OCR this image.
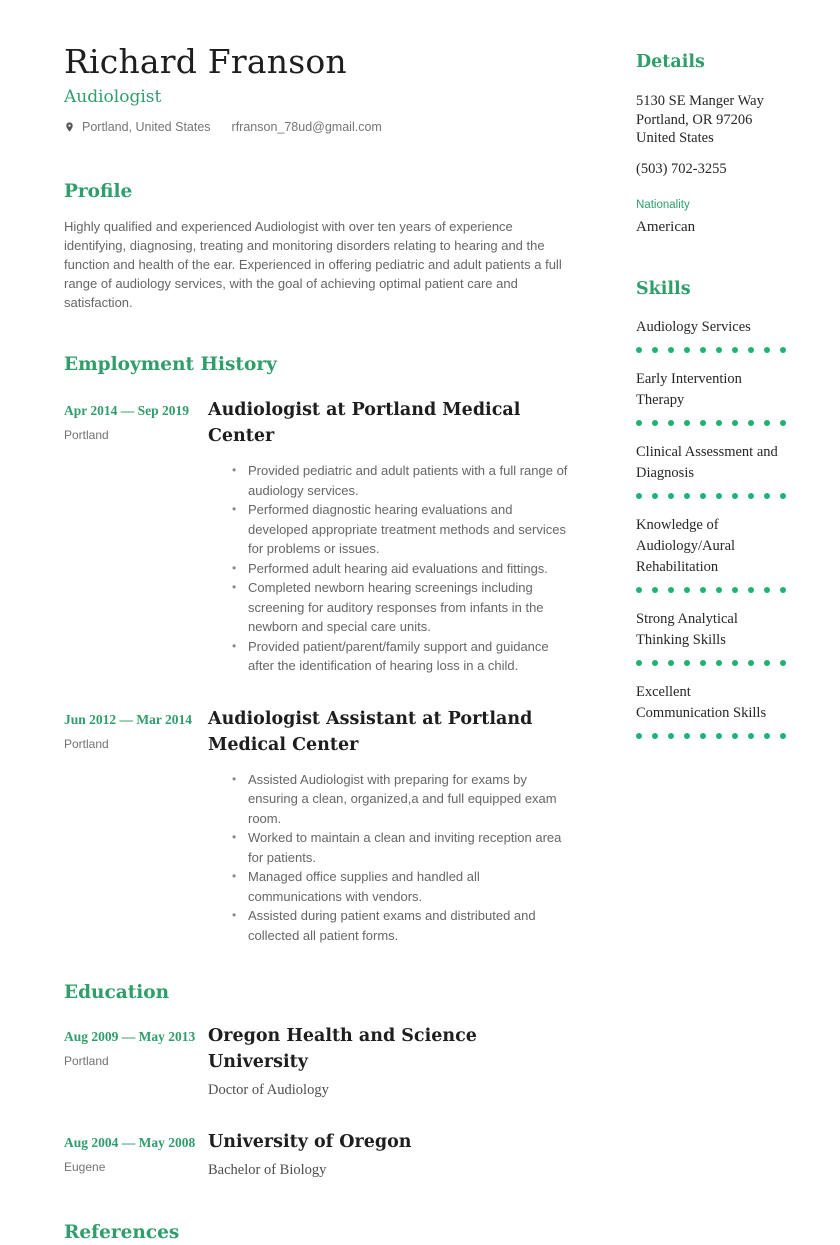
Richard Franson
Audiologist
Portland, United States rfranson_78ud@gmail.com
Profile
Highly qualified and experienced Audiologist with over ten years of experience identifying, diagnosing, treating and monitoring disorders relating to hearing and the function and health of the ear. Experienced in offering pediatric and adult patients a full range of audiology services, with the goal of achieving optimal patient care and satisfaction.
Employment History
Apr 2014 — Sep 2019
Portland
Audiologist at Portland Medical Center
• Provided pediatric and adult patients with a full range of audiology services.
• Performed diagnostic hearing evaluations and developed appropriate treatment methods and services for problems or issues.
• Performed adult hearing aid evaluations and fittings.
• Completed newborn hearing screenings including screening for auditory responses from infants in the newborn and special care units.
• Provided patient/parent/family support and guidance after the identification of hearing loss in a child.
Jun 2012 — Mar 2014
Portland
Audiologist Assistant at Portland Medical Center
• Assisted Audiologist with preparing for exams by ensuring a clean, organized,a and full equipped exam room.
• Worked to maintain a clean and inviting reception area for patients.
• Managed office supplies and handled all communications with vendors.
• Assisted during patient exams and distributed and collected all patient forms.
Education
Aug 2009 — May 2013
Portland
Oregon Health and Science University
Doctor of Audiology
Aug 2004 — May 2008
Eugene
University of Oregon
Bachelor of Biology
References
Details
5130 SE Manger Way
Portland, OR 97206
United States
(503) 702-3255
Nationality
American
Skills
Audiology Services
Early Intervention Therapy
Clinical Assessment and Diagnosis
Knowledge of Audiology/Aural Rehabilitation
Strong Analytical Thinking Skills
Excellent Communication Skills
